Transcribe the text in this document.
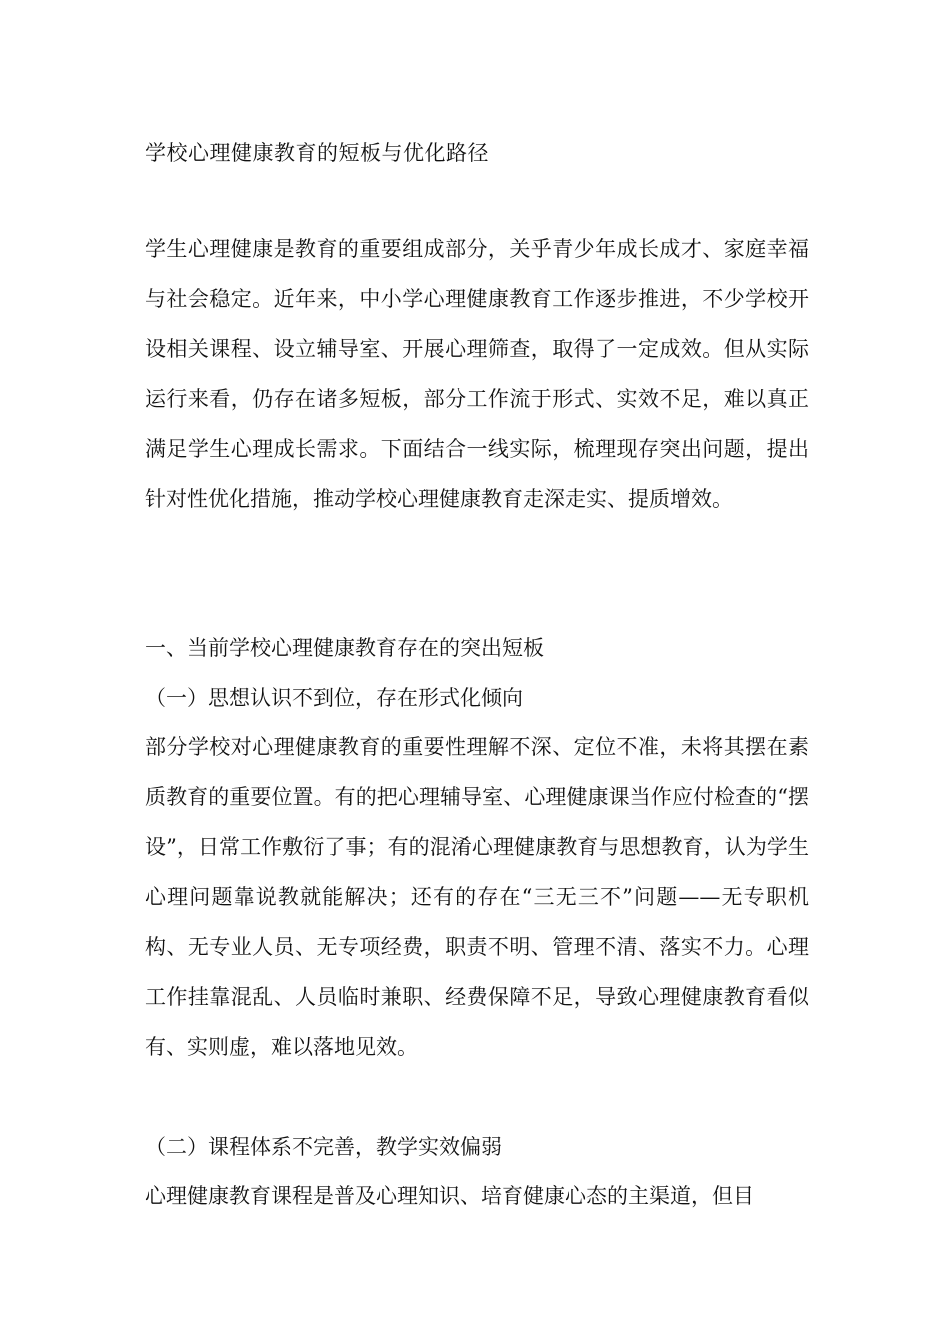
学校心理健康教育的短板与优化路径

学生心理健康是教育的重要组成部分，关乎青少年成长成才、家庭幸福与社会稳定。近年来，中小学心理健康教育工作逐步推进，不少学校开设相关课程、设立辅导室、开展心理筛查，取得了一定成效。但从实际运行来看，仍存在诸多短板，部分工作流于形式、实效不足，难以真正满足学生心理成长需求。下面结合一线实际，梳理现存突出问题，提出针对性优化措施，推动学校心理健康教育走深走实、提质增效。

一、当前学校心理健康教育存在的突出短板
（一）思想认识不到位，存在形式化倾向

部分学校对心理健康教育的重要性理解不深、定位不准，未将其摆在素质教育的重要位置。有的把心理辅导室、心理健康课当作应付检查的“摆设”，日常工作敷衍了事；有的混淆心理健康教育与思想教育，认为学生心理问题靠说教就能解决；还有的存在“三无三不”问题——无专职机构、无专业人员、无专项经费，职责不明、管理不清、落实不力。心理工作挂靠混乱、人员临时兼职、经费保障不足，导致心理健康教育看似有、实则虚，难以落地见效。

（二）课程体系不完善，教学实效偏弱

心理健康教育课程是普及心理知识、培育健康心态的主渠道，但目
